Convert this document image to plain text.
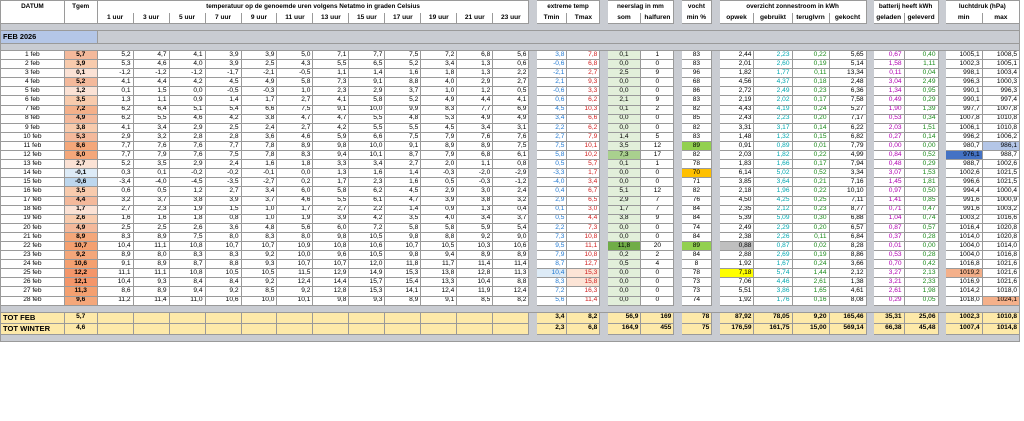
DATUM	Tgem	temperatuur op de genoemde uren volgens Netatmo in graden Celsius													extreme temp			neerslag in mm			vocht		overzicht zonnestroom in kWh					batterij heeft kWh			luchtdruk (hPa)	
		1 uur	3 uur	5 uur	7 uur	9 uur	11 uur	13 uur	15 uur	17 uur	19 uur	21 uur	23 uur		Tmin	Tmax		som	halfuren		min %		opwek	gebruikt	terugl​vrn	gekocht		geladen	geleverd		min	max

FEB 2026																																

1 feb	5,7	5,2	4,7	4,1	3,9	3,9	5,0	7,1	7,7	7,5	7,2	6,8	5,6		3,8	7,8		0,1	1		83		2,44	2,23	0,22	5,65		0,67	0,40		1005,1	1008,5
2 feb	3,9	5,3	4,6	4,0	3,9	2,5	4,3	5,5	6,5	5,2	3,4	1,3	0,6		-0,6	6,8		0,0	0		83		2,01	2,60	0,19	5,14		1,58	1,11		1002,3	1005,1
3 feb	0,1	-1,2	-1,2	-1,2	-1,7	-2,1	-0,5	1,1	1,4	1,6	1,8	1,3	2,2		-2,1	2,7		2,5	9		96		1,82	1,77	0,11	13,34		0,11	0,04		998,1	1003,4
4 feb	5,2	4,1	4,4	4,2	4,5	4,9	5,8	7,3	9,1	8,8	4,0	2,9	2,7		2,1	9,3		0,0	0		68		4,56	4,37	0,18	2,48		3,04	2,49		996,3	1000,3
5 feb	1,2	0,1	1,5	0,0	-0,5	-0,3	1,0	2,3	2,9	3,7	1,0	1,2	0,5		-0,6	3,3		0,0	0		86		2,72	2,49	0,23	6,36		1,34	0,95		990,1	996,3
6 feb	3,5	1,3	1,1	0,9	1,4	1,7	2,7	4,1	5,8	5,2	4,9	4,4	4,1		0,6	6,2		2,1	9		83		2,19	2,02	0,17	7,58		0,49	0,29		990,1	997,4
7 feb	7,2	6,2	6,4	5,1	5,4	6,6	7,5	9,1	10,0	9,9	8,3	7,7	6,9		4,5	10,3		0,1	2		82		4,43	4,19	0,24	5,27		1,90	1,39		997,7	1007,8
8 feb	4,9	6,2	5,5	4,6	4,2	3,8	4,7	4,7	5,5	4,8	5,3	4,9	4,9		3,4	6,6		0,0	0		85		2,43	2,23	0,20	7,17		0,53	0,34		1007,8	1010,8
9 feb	3,8	4,1	3,4	2,9	2,5	2,4	2,7	4,2	5,5	5,5	4,5	3,4	3,1		2,2	6,2		0,0	0		82		3,31	3,17	0,14	6,22		2,03	1,51		1006,1	1010,8
10 feb	5,3	2,9	3,2	2,8	2,8	3,6	4,6	5,9	6,6	7,5	7,9	7,6	7,6		2,7	7,9		1,4	5		83		1,48	1,32	0,15	6,82		0,27	0,14		996,2	1006,2
11 feb	8,6	7,7	7,6	7,6	7,7	7,8	8,9	9,8	10,0	9,1	8,9	8,9	7,5		7,5	10,1		3,5	12		89		0,91	0,89	0,01	7,79		0,00	0,00		980,7	986,1
12 feb	8,0	7,7	7,9	7,6	7,5	7,8	8,3	9,4	10,1	8,7	7,9	6,8	6,1		5,8	10,2		7,3	17		82		2,03	1,82	0,22	4,99		0,84	0,52		976,1	988,7
13 feb	2,7	5,2	3,5	2,9	2,4	1,6	1,8	3,3	3,4	2,7	2,0	1,1	0,8		0,5	5,7		0,1	1		78		1,83	1,66	0,17	7,94		0,48	0,29		988,7	1002,6
14 feb	-0,1	0,3	0,1	-0,2	-0,2	-0,1	0,0	1,3	1,6	1,4	-0,3	-2,0	-2,9		-3,3	1,7		0,0	0		70		6,14	5,02	0,52	3,34		3,07	1,53		1002,6	1021,5
15 feb	-0,6	-3,4	-4,0	-4,5	-3,5	-2,7	0,2	1,7	2,3	1,6	0,5	-0,3	-1,2		-4,0	3,4		0,0	0		71		3,85	3,64	0,21	7,16		1,45	1,81		996,6	1021,5
16 feb	3,5	0,6	0,5	1,2	2,7	3,4	6,0	5,8	6,2	4,5	2,9	3,0	2,4		0,4	6,7		5,1	12		82		2,18	1,96	0,22	10,10		0,97	0,50		994,4	1000,4
17 feb	4,4	3,2	3,7	3,8	3,9	3,7	4,6	5,5	6,1	4,7	3,9	3,8	3,2		2,9	6,5		2,9	7		76		4,50	4,25	0,25	7,11		1,41	0,85		991,6	1000,9
18 feb	1,7	2,7	2,3	1,9	1,5	1,0	1,7	2,7	2,2	1,4	0,9	1,3	0,4		0,1	3,0		1,7	7		84		2,35	2,12	0,23	8,77		0,71	0,47		991,6	1003,2
19 feb	2,6	1,6	1,6	1,8	0,8	1,0	1,9	3,9	4,2	3,5	4,0	3,4	3,7		0,5	4,4		3,8	9		84		5,39	5,09	0,30	6,88		1,04	0,74		1003,2	1016,6
20 feb	4,9	2,5	2,5	2,6	3,6	4,8	5,6	6,0	7,2	5,8	5,8	5,9	5,4		2,2	7,3		0,0	0		74		2,49	2,29	0,20	6,57		0,87	0,57		1016,4	1020,8
21 feb	8,9	8,3	8,9	7,5	8,0	8,3	8,0	9,8	10,5	9,8	8,8	9,2	9,0		7,3	10,8		0,0	0		84		2,38	2,26	0,11	6,84		0,37	0,28		1014,0	1020,8
22 feb	10,7	10,4	11,1	10,8	10,7	10,7	10,9	10,8	10,6	10,7	10,5	10,3	10,6		9,5	11,1		11,8	20		89		0,88	0,87	0,02	8,28		0,01	0,00		1004,0	1014,0
23 feb	9,2	8,9	8,0	8,3	8,3	9,2	10,0	9,6	10,5	9,8	9,4	8,9	8,9		7,9	10,8		0,2	2		84		2,88	2,69	0,19	8,86		0,53	0,28		1004,0	1016,8
24 feb	10,6	9,1	8,9	8,7	8,8	9,3	10,7	10,7	12,0	11,8	11,7	11,4	11,4		8,7	12,7		0,5	4		8		1,92	1,67	0,24	3,66		0,70	0,42		1016,8	1021,6
25 feb	12,2	11,1	11,1	10,8	10,5	10,5	11,5	12,9	14,9	15,3	13,8	12,8	11,3		10,4	15,3		0,0	0		78		7,18	5,74	1,44	2,12		3,27	2,13		1019,2	1021,6
26 feb	12,1	10,4	9,3	8,4	8,4	9,2	12,4	14,4	15,7	15,4	13,3	10,4	8,8		8,3	15,8		0,0	0		73		7,06	4,46	2,61	1,38		3,21	2,33		1016,9	1021,6
27 feb	11,3	8,6	8,9	9,4	9,2	8,5	9,2	12,8	15,3	14,1	12,4	11,9	12,4		7,2	16,3		0,0	0		73		5,51	3,86	1,65	4,61		2,61	1,98		1014,2	1018,0
28 feb	9,6	11,2	11,4	11,0	10,6	10,0	10,1	9,8	9,3	8,9	9,1	8,5	8,2		5,6	11,4		0,0	0		74		1,92	1,76	0,16	8,08		0,29	0,05		1018,0	1024,1

TOT FEB	5,7														3,4	8,2		56,9	169		78		87,92	78,05	9,20	165,46		35,31	25,06		1002,3	1010,8
TOT WINTER	4,6														2,3	6,8		164,9	455		75		176,59	161,75	15,00	569,14		66,38	45,48		1007,4	1014,8
